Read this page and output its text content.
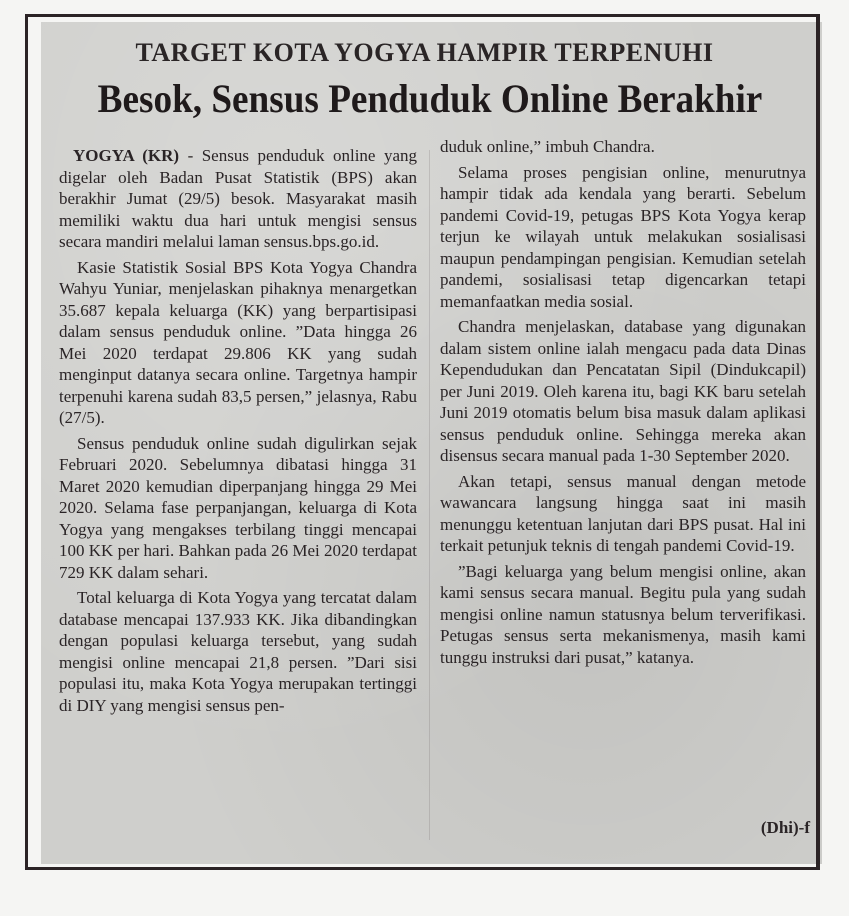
TARGET KOTA YOGYA HAMPIR TERPENUHI
Besok, Sensus Penduduk Online Berakhir

YOGYA (KR) - Sensus penduduk online yang digelar oleh Badan Pusat Statistik (BPS) akan berakhir Jumat (29/5) besok. Masyarakat masih memiliki waktu dua hari untuk mengisi sensus secara mandiri melalui laman sensus.bps.go.id.

Kasie Statistik Sosial BPS Kota Yogya Chandra Wahyu Yuniar, menjelaskan pihaknya menargetkan 35.687 kepala keluarga (KK) yang berpartisipasi dalam sensus penduduk online. ”Data hingga 26 Mei 2020 terdapat 29.806 KK yang sudah menginput datanya secara online. Targetnya hampir terpenuhi karena sudah 83,5 persen,” jelasnya, Rabu (27/5).

Sensus penduduk online sudah digulirkan sejak Februari 2020. Sebelumnya dibatasi hingga 31 Maret 2020 kemudian diperpanjang hingga 29 Mei 2020. Selama fase perpanjangan, keluarga di Kota Yogya yang mengakses terbilang tinggi mencapai 100 KK per hari. Bahkan pada 26 Mei 2020 terdapat 729 KK dalam sehari.

Total keluarga di Kota Yogya yang tercatat dalam database mencapai 137.933 KK. Jika dibandingkan dengan populasi keluarga tersebut, yang sudah mengisi online mencapai 21,8 persen. ”Dari sisi populasi itu, maka Kota Yogya merupakan tertinggi di DIY yang mengisi sensus pen-

duduk online,” imbuh Chandra.

Selama proses pengisian online, menurutnya hampir tidak ada kendala yang berarti. Sebelum pandemi Covid-19, petugas BPS Kota Yogya kerap terjun ke wilayah untuk melakukan sosialisasi maupun pendampingan pengisian. Kemudian setelah pandemi, sosialisasi tetap digencarkan tetapi memanfaatkan media sosial.

Chandra menjelaskan, database yang digunakan dalam sistem online ialah mengacu pada data Dinas Kependudukan dan Pencatatan Sipil (Dindukcapil) per Juni 2019. Oleh karena itu, bagi KK baru setelah Juni 2019 otomatis belum bisa masuk dalam aplikasi sensus penduduk online. Sehingga mereka akan disensus secara manual pada 1-30 September 2020.

Akan tetapi, sensus manual dengan metode wawancara langsung hingga saat ini masih menunggu ketentuan lanjutan dari BPS pusat. Hal ini terkait petunjuk teknis di tengah pandemi Covid-19.

”Bagi keluarga yang belum mengisi online, akan kami sensus secara manual. Begitu pula yang sudah mengisi online namun statusnya belum terverifikasi. Petugas sensus serta mekanismenya, masih kami tunggu instruksi dari pusat,” katanya.

(Dhi)-f
